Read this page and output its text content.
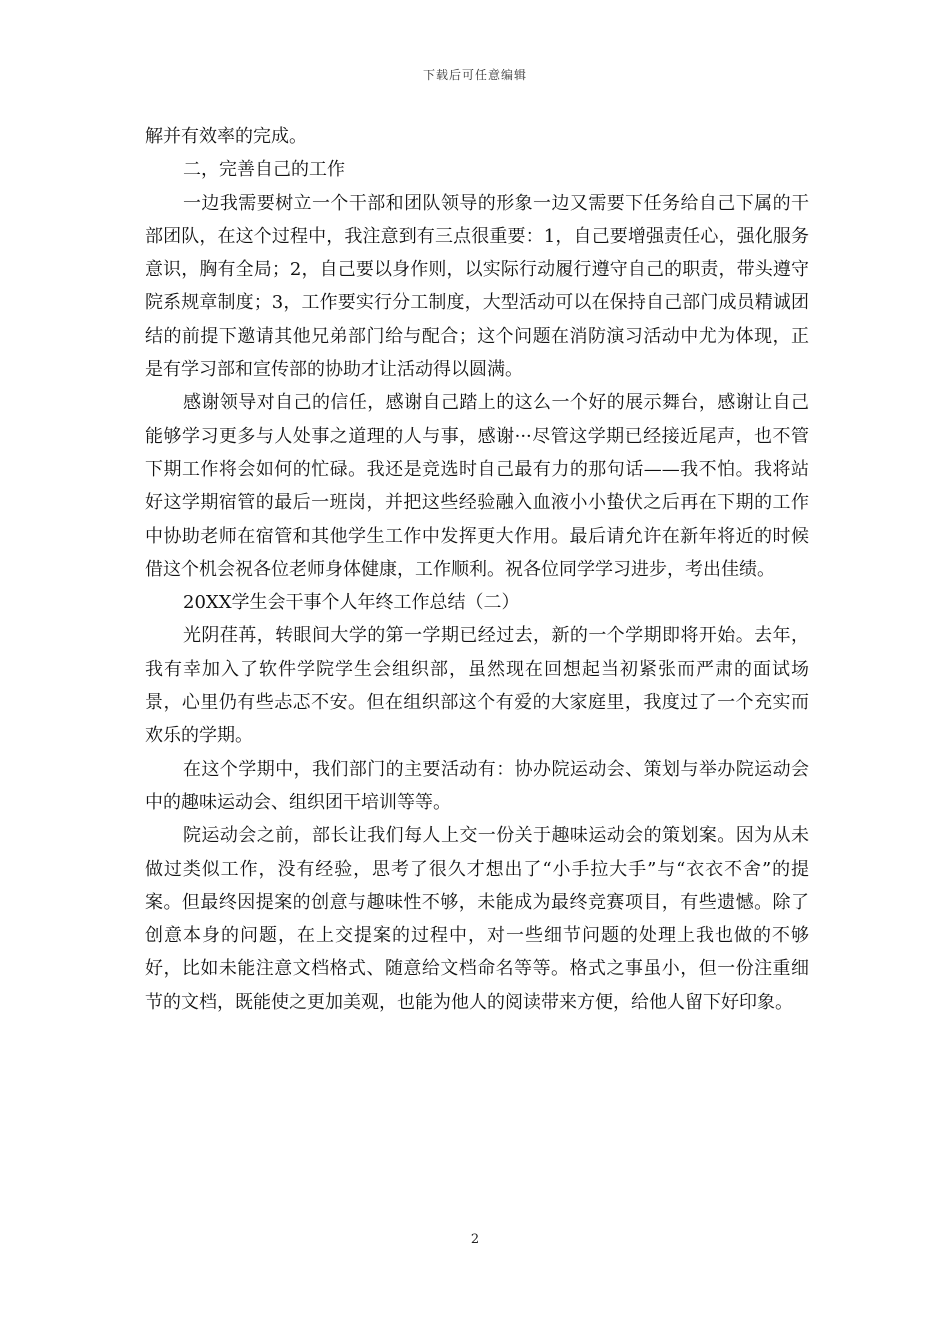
下载后可任意编辑

解并有效率的完成。

二，完善自己的工作

一边我需要树立一个干部和团队领导的形象一边又需要下任务给自己下属的干部团队，在这个过程中，我注意到有三点很重要：1，自己要增强责任心，强化服务意识，胸有全局；2，自己要以身作则，以实际行动履行遵守自己的职责，带头遵守院系规章制度；3，工作要实行分工制度，大型活动可以在保持自己部门成员精诚团结的前提下邀请其他兄弟部门给与配合；这个问题在消防演习活动中尤为体现，正是有学习部和宣传部的协助才让活动得以圆满。

感谢领导对自己的信任，感谢自己踏上的这么一个好的展示舞台，感谢让自己能够学习更多与人处事之道理的人与事，感谢···尽管这学期已经接近尾声，也不管下期工作将会如何的忙碌。我还是竞选时自己最有力的那句话——我不怕。我将站好这学期宿管的最后一班岗，并把这些经验融入血液小小蛰伏之后再在下期的工作中协助老师在宿管和其他学生工作中发挥更大作用。最后请允许在新年将近的时候借这个机会祝各位老师身体健康，工作顺利。祝各位同学学习进步，考出佳绩。

20XX学生会干事个人年终工作总结（二）

光阴荏苒，转眼间大学的第一学期已经过去，新的一个学期即将开始。去年，我有幸加入了软件学院学生会组织部，虽然现在回想起当初紧张而严肃的面试场景，心里仍有些忐忑不安。但在组织部这个有爱的大家庭里，我度过了一个充实而欢乐的学期。

在这个学期中，我们部门的主要活动有：协办院运动会、策划与举办院运动会中的趣味运动会、组织团干培训等等。

院运动会之前，部长让我们每人上交一份关于趣味运动会的策划案。因为从未做过类似工作，没有经验，思考了很久才想出了“小手拉大手”与“衣衣不舍”的提案。但最终因提案的创意与趣味性不够，未能成为最终竞赛项目，有些遗憾。除了创意本身的问题，在上交提案的过程中，对一些细节问题的处理上我也做的不够好，比如未能注意文档格式、随意给文档命名等等。格式之事虽小，但一份注重细节的文档，既能使之更加美观，也能为他人的阅读带来方便，给他人留下好印象。

2
